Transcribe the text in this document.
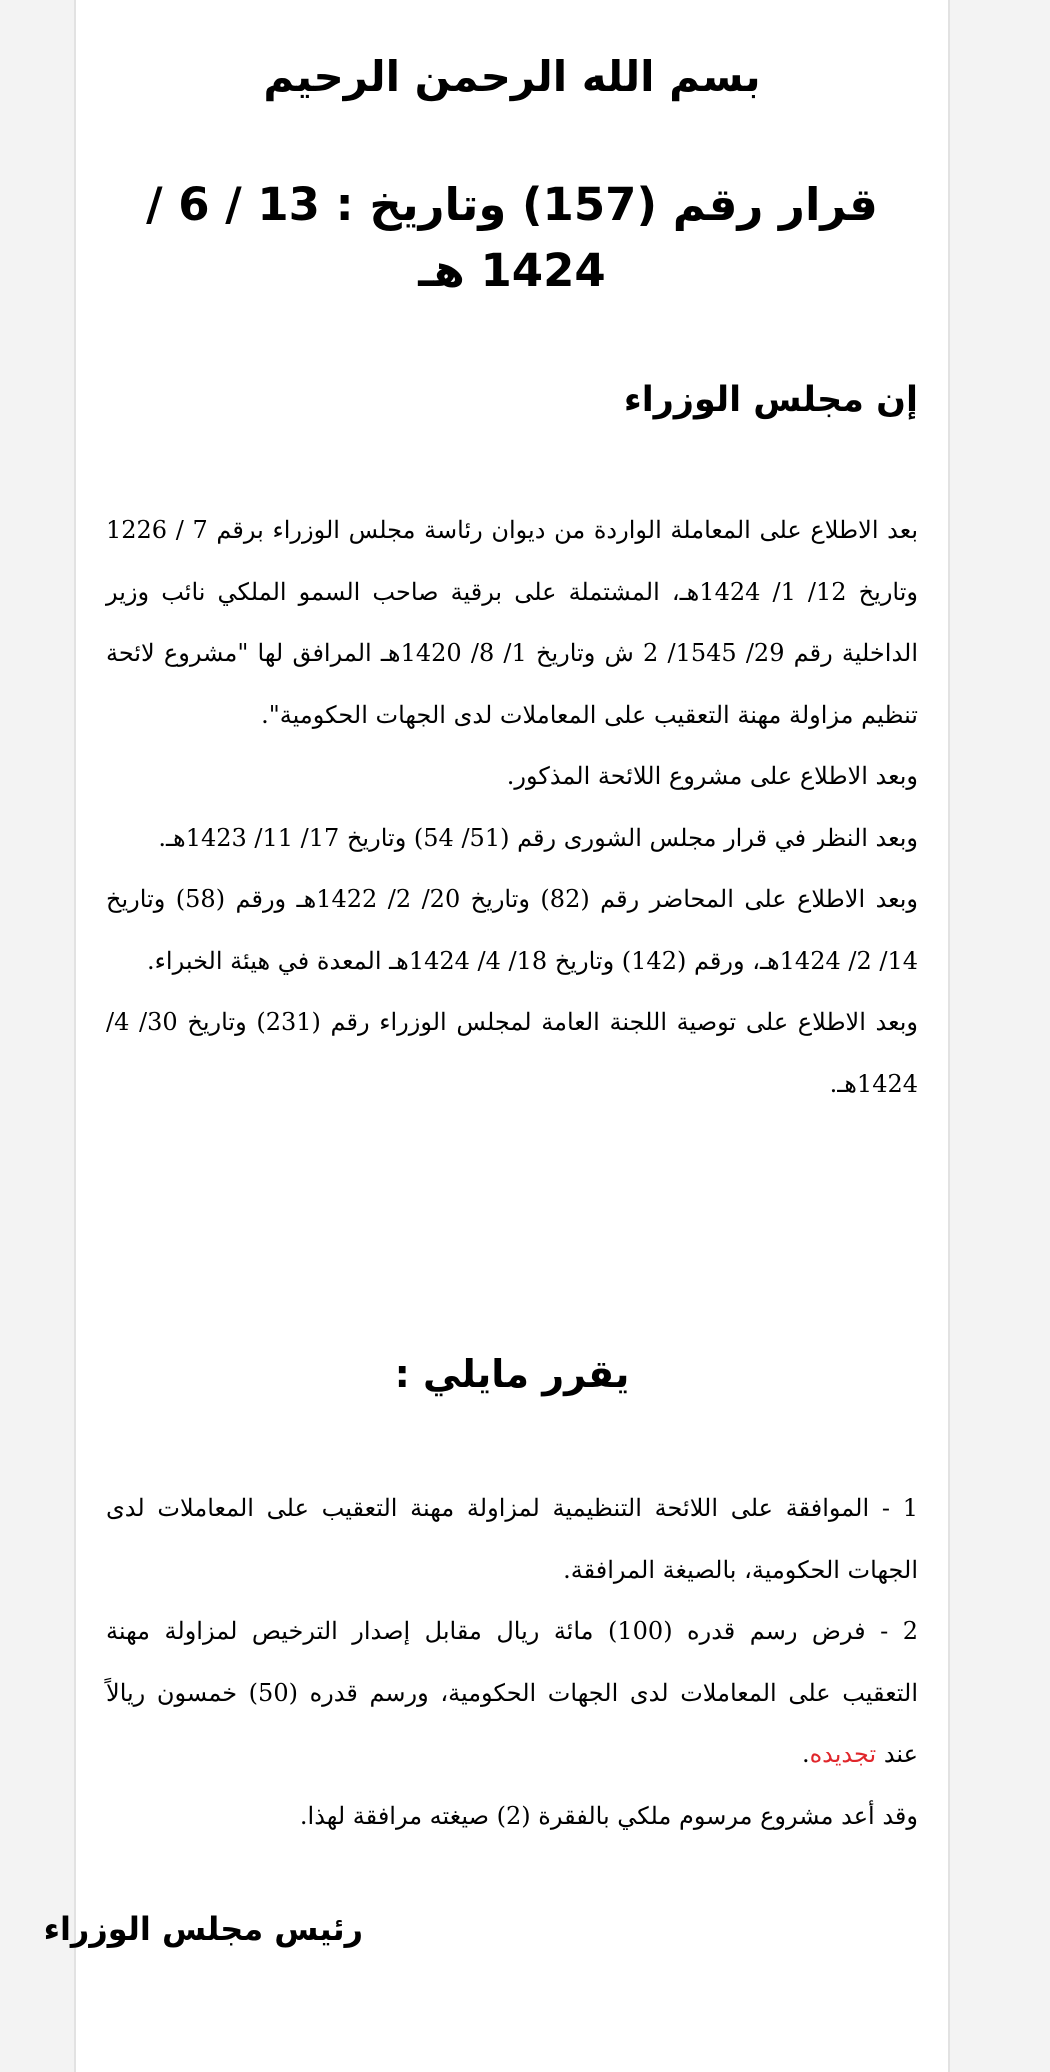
بسم الله الرحمن الرحيم
قرار رقم (157) وتاريخ : 13 / 6 / 1424 هـ
إن مجلس الوزراء

بعد الاطلاع على المعاملة الواردة من ديوان رئاسة مجلس الوزراء برقم 7 / 1226 وتاريخ 12/ 1/ 1424هـ، المشتملة على برقية صاحب السمو الملكي نائب وزير الداخلية رقم 29/ 1545/ 2 ش وتاريخ 1/ 8/ 1420هـ المرافق لها "مشروع لائحة تنظيم مزاولة مهنة التعقيب على المعاملات لدى الجهات الحكومية".

وبعد الاطلاع على مشروع اللائحة المذكور.

وبعد النظر في قرار مجلس الشورى رقم (51/ 54) وتاريخ 17/ 11/ 1423هـ.

وبعد الاطلاع على المحاضر رقم (82) وتاريخ 20/ 2/ 1422هـ ورقم (58) وتاريخ 14/ 2/ 1424هـ، ورقم (142) وتاريخ 18/ 4/ 1424هـ المعدة في هيئة الخبراء.

وبعد الاطلاع على توصية اللجنة العامة لمجلس الوزراء رقم (231) وتاريخ 30/ 4/ 1424هـ.

يقرر مايلي :

1 - الموافقة على اللائحة التنظيمية لمزاولة مهنة التعقيب على المعاملات لدى الجهات الحكومية، بالصيغة المرافقة.

2 - فرض رسم قدره (100) مائة ريال مقابل إصدار الترخيص لمزاولة مهنة التعقيب على المعاملات لدى الجهات الحكومية، ورسم قدره (50) خمسون ريالاً عند تجديده.

وقد أعد مشروع مرسوم ملكي بالفقرة (2) صيغته مرافقة لهذا.

رئيس مجلس الوزراء
